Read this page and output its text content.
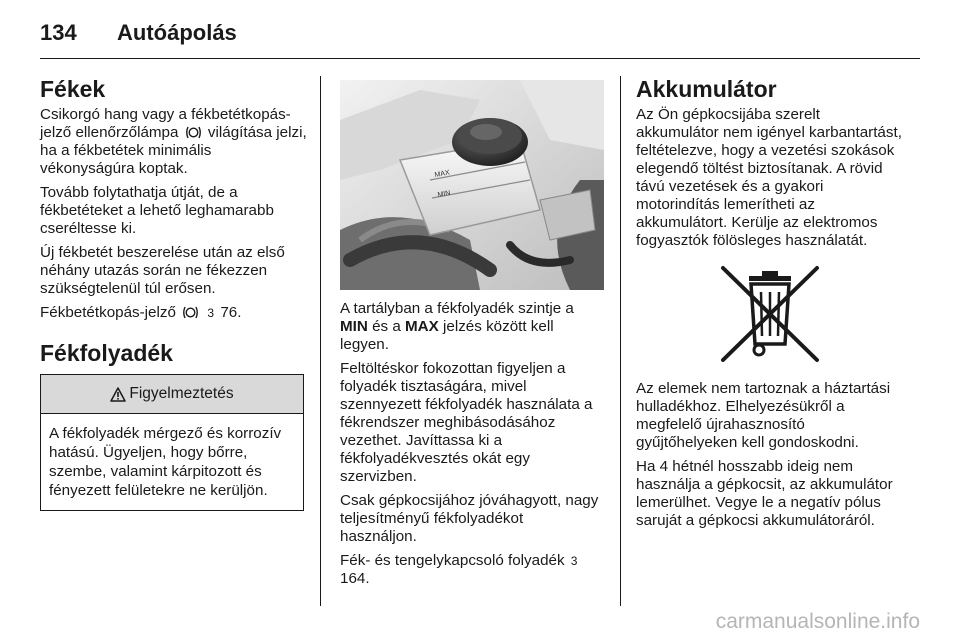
134 Autóápolás
Fékek

Csikorgó hang vagy a fékbetétkopás-jelző ellenőrzőlámpa világítása jelzi, ha a fékbetétek minimális vékonyságúra koptak.

Tovább folytathatja útját, de a fékbetéteket a lehető leghamarabb cseréltesse ki.

Új fékbetét beszerelése után az első néhány utazás során ne fékezzen szükségtelenül túl erősen.

Fékbetétkopás-jelző	3 76.

Fékfolyadék
Figyelmeztetés
A fékfolyadék mérgező és korrozív hatású. Ügyeljen, hogy bőrre, szembe, valamint kárpitozott és fényezett felületekre ne kerüljön.
MAX
MIN

A tartályban a fékfolyadék szintje a MIN és a MAX jelzés között kell legyen.

Feltöltéskor fokozottan figyeljen a folyadék tisztaságára, mivel szennyezett fékfolyadék használata a fékrendszer meghibásodásához vezethet. Javíttassa ki a fékfolyadékvesztés okát egy szervizben.

Csak gépkocsijához jóváhagyott, nagy teljesítményű fékfolyadékot használjon.

Fék- és tengelykapcsoló folyadék 3 164.

Akkumulátor

Az Ön gépkocsijába szerelt akkumulátor nem igényel karbantartást, feltételezve, hogy a vezetési szokások elegendő töltést biztosítanak. A rövid távú vezetések és a gyakori motorindítás lemerítheti az akkumulátort. Kerülje az elektromos fogyasztók fölösleges használatát.

Az elemek nem tartoznak a háztartási hulladékhoz. Elhelyezésükről a megfelelő újrahasznosító gyűjtőhelyeken kell gondoskodni.

Ha 4 hétnél hosszabb ideig nem használja a gépkocsit, az akkumulátor lemerülhet. Vegye le a negatív pólus saruját a gépkocsi akkumulátoráról.

carmanualsonline.info
